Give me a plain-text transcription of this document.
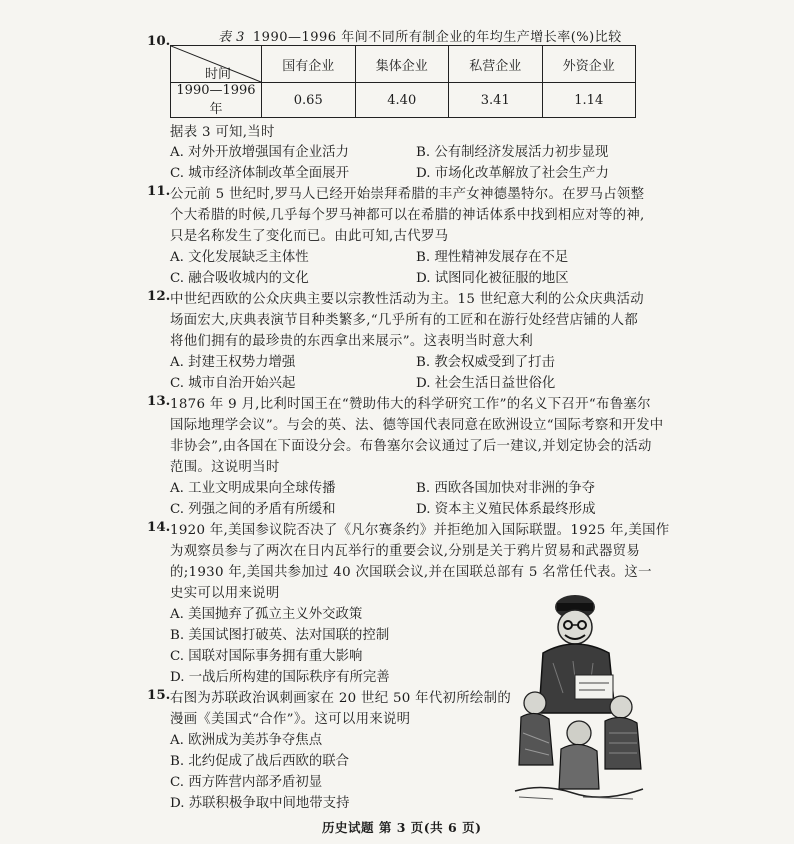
10.	表 3 1990—1996 年间不同所有制企业的年均生产增长率(%)比较
时间	国有企业	集体企业	私营企业	外资企业
1990—1996 年	0.65	4.40	3.41	1.14
据表 3 可知,当时
A. 对外开放增强国有企业活力	B. 公有制经济发展活力初步显现
C. 城市经济体制改革全面展开	D. 市场化改革解放了社会生产力
11. 公元前 5 世纪时,罗马人已经开始崇拜希腊的丰产女神德墨特尔。在罗马占领整
个大希腊的时候,几乎每个罗马神都可以在希腊的神话体系中找到相应对等的神,
只是名称发生了变化而已。由此可知,古代罗马
A. 文化发展缺乏主体性	B. 理性精神发展存在不足
C. 融合吸收城内的文化	D. 试图同化被征服的地区
12. 中世纪西欧的公众庆典主要以宗教性活动为主。15 世纪意大利的公众庆典活动
场面宏大,庆典表演节目种类繁多,“几乎所有的工匠和在游行处经营店铺的人都
将他们拥有的最珍贵的东西拿出来展示”。这表明当时意大利
A. 封建王权势力增强	B. 教会权威受到了打击
C. 城市自治开始兴起	D. 社会生活日益世俗化
13. 1876 年 9 月,比利时国王在“赞助伟大的科学研究工作”的名义下召开“布鲁塞尔
国际地理学会议”。与会的英、法、德等国代表同意在欧洲设立“国际考察和开发中
非协会”,由各国在下面设分会。布鲁塞尔会议通过了后一建议,并划定协会的活动
范围。这说明当时
A. 工业文明成果向全球传播	B. 西欧各国加快对非洲的争夺
C. 列强之间的矛盾有所缓和	D. 资本主义殖民体系最终形成
14. 1920 年,美国参议院否决了《凡尔赛条约》并拒绝加入国际联盟。1925 年,美国作
为观察员参与了两次在日内瓦举行的重要会议,分别是关于鸦片贸易和武器贸易
的;1930 年,美国共参加过 40 次国联会议,并在国联总部有 5 名常任代表。这一
史实可以用来说明
A. 美国抛弃了孤立主义外交政策
B. 美国试图打破英、法对国联的控制
C. 国联对国际事务拥有重大影响
D. 一战后所构建的国际秩序有所完善
15. 右图为苏联政治讽刺画家在 20 世纪 50 年代初所绘制的
漫画《美国式“合作”》。这可以用来说明
A. 欧洲成为美苏争夺焦点
B. 北约促成了战后西欧的联合
C. 西方阵营内部矛盾初显
D. 苏联积极争取中间地带支持
历史试题 第 3 页(共 6 页)
